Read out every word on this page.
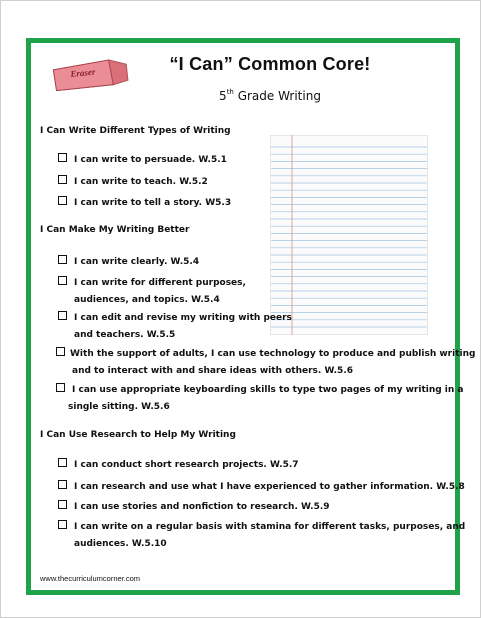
Eraser	“I Can” Common Core!
5th Grade Writing
I Can Write Different Types of Writing
I can write to persuade. W.5.1
I can write to teach. W.5.2
I can write to tell a story. W5.3
I Can Make My Writing Better
I can write clearly. W.5.4
I can write for different purposes,
audiences, and topics. W.5.4
I can edit and revise my writing with peers
and teachers. W.5.5
With the support of adults, I can use technology to produce and publish writing
and to interact with and share ideas with others. W.5.6
I can use appropriate keyboarding skills to type two pages of my writing in a
single sitting. W.5.6
I Can Use Research to Help My Writing
I can conduct short research projects. W.5.7
I can research and use what I have experienced to gather information. W.5.8
I can use stories and nonfiction to research. W.5.9
I can write on a regular basis with stamina for different tasks, purposes, and
audiences. W.5.10
www.thecurriculumcorner.com
